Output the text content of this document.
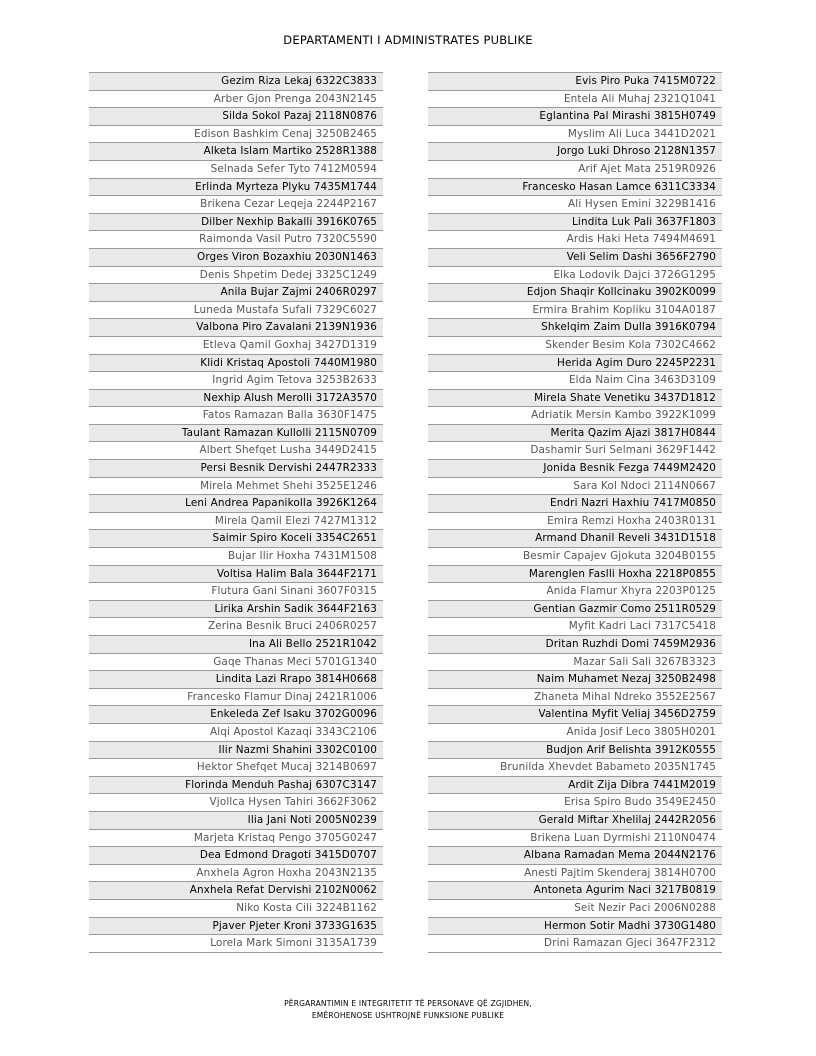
DEPARTAMENTI I ADMINISTRATES PUBLIKE
Gezim Riza Lekaj 6322C3833
Arber Gjon Prenga 2043N2145
Silda Sokol Pazaj 2118N0876
Edison Bashkim Cenaj 3250B2465
Alketa Islam Martiko 2528R1388
Selnada Sefer Tyto 7412M0594
Erlinda Myrteza Plyku 7435M1744
Brikena Cezar Leqeja 2244P2167
Dilber Nexhip Bakalli 3916K0765
Raimonda Vasil Putro 7320C5590
Orges Viron Bozaxhiu 2030N1463
Denis Shpetim Dedej 3325C1249
Anila Bujar Zajmi 2406R0297
Luneda Mustafa Sufali 7329C6027
Valbona Piro Zavalani 2139N1936
Etleva Qamil Goxhaj 3427D1319
Klidi Kristaq Apostoli 7440M1980
Ingrid Agim Tetova 3253B2633
Nexhip Alush Merolli 3172A3570
Fatos Ramazan Balla 3630F1475
Taulant Ramazan Kullolli 2115N0709
Albert Shefqet Lusha 3449D2415
Persi Besnik Dervishi 2447R2333
Mirela Mehmet Shehi 3525E1246
Leni Andrea Papanikolla 3926K1264
Mirela Qamil Elezi 7427M1312
Saimir Spiro Koceli 3354C2651
Bujar Ilir Hoxha 7431M1508
Voltisa Halim Bala 3644F2171
Flutura Gani Sinani 3607F0315
Lirika Arshin Sadik 3644F2163
Zerina Besnik Bruci 2406R0257
Ina Ali Bello 2521R1042
Gaqe Thanas Meci 5701G1340
Lindita Lazi Rrapo 3814H0668
Francesko Flamur Dinaj 2421R1006
Enkeleda Zef Isaku 3702G0096
Alqi Apostol Kazaqi 3343C2106
Ilir Nazmi Shahini 3302C0100
Hektor Shefqet Mucaj 3214B0697
Florinda Menduh Pashaj 6307C3147
Vjollca Hysen Tahiri 3662F3062
Ilia Jani Noti 2005N0239
Marjeta Kristaq Pengo 3705G0247
Dea Edmond Dragoti 3415D0707
Anxhela Agron Hoxha 2043N2135
Anxhela Refat Dervishi 2102N0062
Niko Kosta Cili 3224B1162
Pjaver Pjeter Kroni 3733G1635
Lorela Mark Simoni 3135A1739
Evis Piro Puka 7415M0722
Entela Ali Muhaj 2321Q1041
Eglantina Pal Mirashi 3815H0749
Myslim Ali Luca 3441D2021
Jorgo Luki Dhroso 2128N1357
Arif Ajet Mata 2519R0926
Francesko Hasan Lamce 6311C3334
Ali Hysen Emini 3229B1416
Lindita Luk Pali 3637F1803
Ardis Haki Heta 7494M4691
Veli Selim Dashi 3656F2790
Elka Lodovik Dajci 3726G1295
Edjon Shaqir Kollcinaku 3902K0099
Ermira Brahim Kopliku 3104A0187
Shkelqim Zaim Dulla 3916K0794
Skender Besim Kola 7302C4662
Herida Agim Duro 2245P2231
Elda Naim Cina 3463D3109
Mirela Shate Venetiku 3437D1812
Adriatik Mersin Kambo 3922K1099
Merita Qazim Ajazi 3817H0844
Dashamir Suri Selmani 3629F1442
Jonida Besnik Fezga 7449M2420
Sara Kol Ndoci 2114N0667
Endri Nazri Haxhiu 7417M0850
Emira Remzi Hoxha 2403R0131
Armand Dhanil Reveli 3431D1518
Besmir Capajev Gjokuta 3204B0155
Marenglen Faslli Hoxha 2218P0855
Anida Flamur Xhyra 2203P0125
Gentian Gazmir Como 2511R0529
Myfit Kadri Laci 7317C5418
Dritan Ruzhdi Domi 7459M2936
Mazar Sali Sali 3267B3323
Naim Muhamet Nezaj 3250B2498
Zhaneta Mihal Ndreko 3552E2567
Valentina Myfit Veliaj 3456D2759
Anida Josif Leco 3805H0201
Budjon Arif Belishta 3912K0555
Brunilda Xhevdet Babameto 2035N1745
Ardit Zija Dibra 7441M2019
Erisa Spiro Budo 3549E2450
Gerald Miftar Xhelilaj 2442R2056
Brikena Luan Dyrmishi 2110N0474
Albana Ramadan Mema 2044N2176
Anesti Pajtim Skenderaj 3814H0700
Antoneta Agurim Naci 3217B0819
Seit Nezir Paci 2006N0288
Hermon Sotir Madhi 3730G1480
Drini Ramazan Gjeci 3647F2312
PËRGARANTIMIN E INTEGRITETIT TË PERSONAVE QË ZGJIDHEN,
EMËROHENOSE USHTROJNË FUNKSIONE PUBLIKE
